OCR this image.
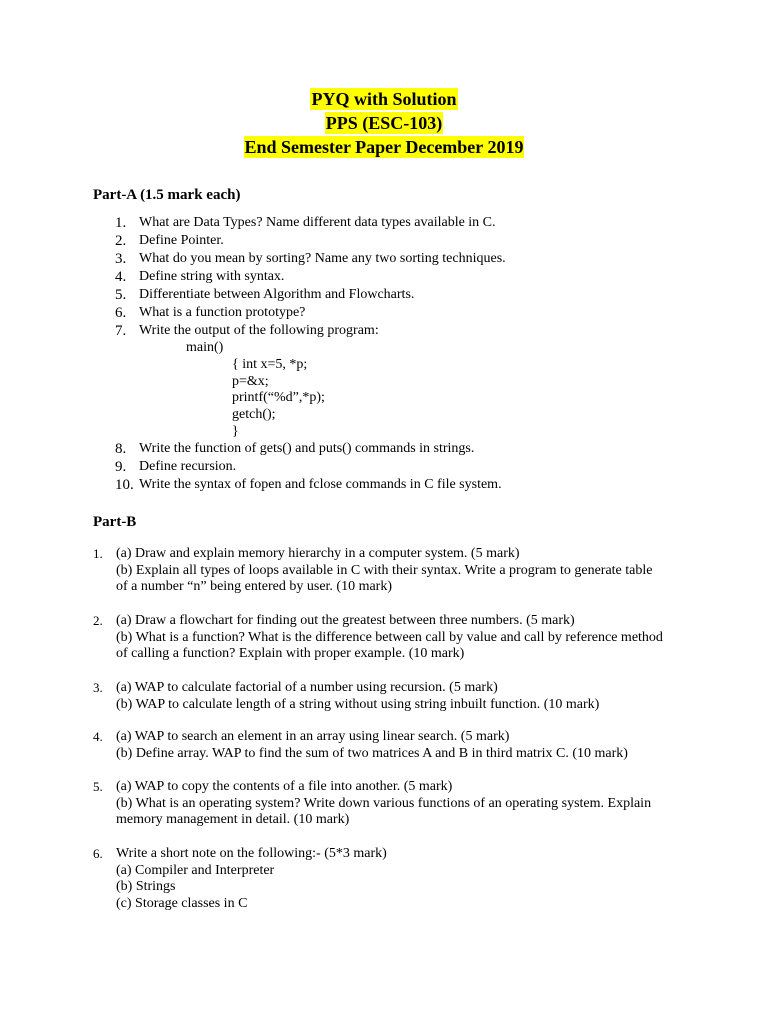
PYQ with Solution
PPS (ESC-103)
End Semester Paper December 2019
Part-A (1.5 mark each)
1. What are Data Types? Name different data types available in C.
2. Define Pointer.
3. What do you mean by sorting? Name any two sorting techniques.
4. Define string with syntax.
5. Differentiate between Algorithm and Flowcharts.
6. What is a function prototype?
7. Write the output of the following program:
8. Write the function of gets() and puts() commands in strings.
9. Define recursion.
10. Write the syntax of fopen and fclose commands in C file system.
main()
{ int x=5, *p;
p=&x;
printf(“%d”,*p);
getch();
}
Part-B
1. (a) Draw and explain memory hierarchy in a computer system. (5 mark)
(b) Explain all types of loops available in C with their syntax. Write a program to generate table
of a number “n” being entered by user. (10 mark)
2. (a) Draw a flowchart for finding out the greatest between three numbers. (5 mark)
(b) What is a function? What is the difference between call by value and call by reference method
of calling a function? Explain with proper example. (10 mark)
3. (a) WAP to calculate factorial of a number using recursion. (5 mark)
(b) WAP to calculate length of a string without using string inbuilt function. (10 mark)
4. (a) WAP to search an element in an array using linear search. (5 mark)
(b) Define array. WAP to find the sum of two matrices A and B in third matrix C. (10 mark)
5. (a) WAP to copy the contents of a file into another. (5 mark)
(b) What is an operating system? Write down various functions of an operating system. Explain
memory management in detail. (10 mark)
6. Write a short note on the following:- (5*3 mark)
(a) Compiler and Interpreter
(b) Strings
(c) Storage classes in C
